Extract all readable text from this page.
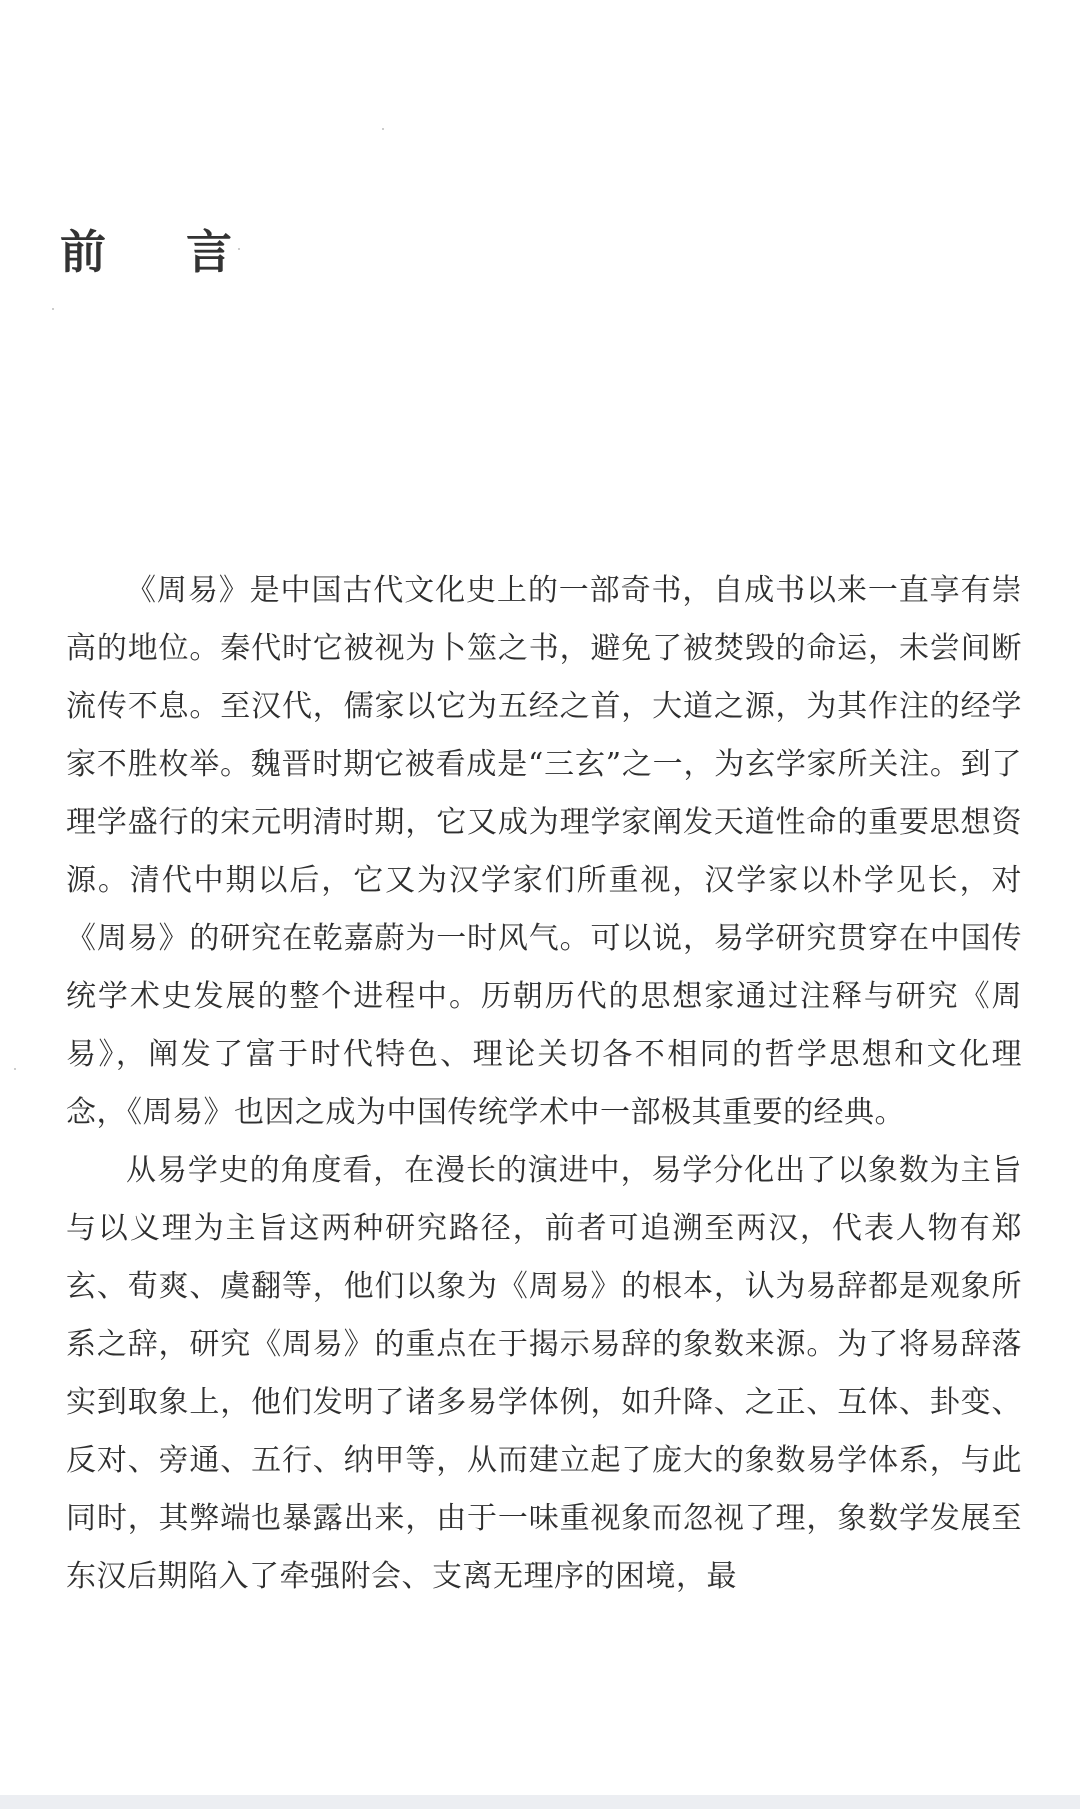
前 言

《周易》是中国古代文化史上的一部奇书，自成书以来一直享有崇高的地位。秦代时它被视为卜筮之书，避免了被焚毁的命运，未尝间断流传不息。至汉代，儒家以它为五经之首，大道之源，为其作注的经学家不胜枚举。魏晋时期它被看成是“三玄”之一，为玄学家所关注。到了理学盛行的宋元明清时期，它又成为理学家阐发天道性命的重要思想资源。清代中期以后，它又为汉学家们所重视，汉学家以朴学见长，对《周易》的研究在乾嘉蔚为一时风气。可以说，易学研究贯穿在中国传统学术史发展的整个进程中。历朝历代的思想家通过注释与研究《周易》，阐发了富于时代特色、理论关切各不相同的哲学思想和文化理念，《周易》也因之成为中国传统学术中一部极其重要的经典。

从易学史的角度看，在漫长的演进中，易学分化出了以象数为主旨与以义理为主旨这两种研究路径，前者可追溯至两汉，代表人物有郑玄、荀爽、虞翻等，他们以象为《周易》的根本，认为易辞都是观象所系之辞，研究《周易》的重点在于揭示易辞的象数来源。为了将易辞落实到取象上，他们发明了诸多易学体例，如升降、之正、互体、卦变、反对、旁通、五行、纳甲等，从而建立起了庞大的象数易学体系，与此同时，其弊端也暴露出来，由于一味重视象而忽视了理，象数学发展至东汉后期陷入了牵强附会、支离无理序的困境，最
